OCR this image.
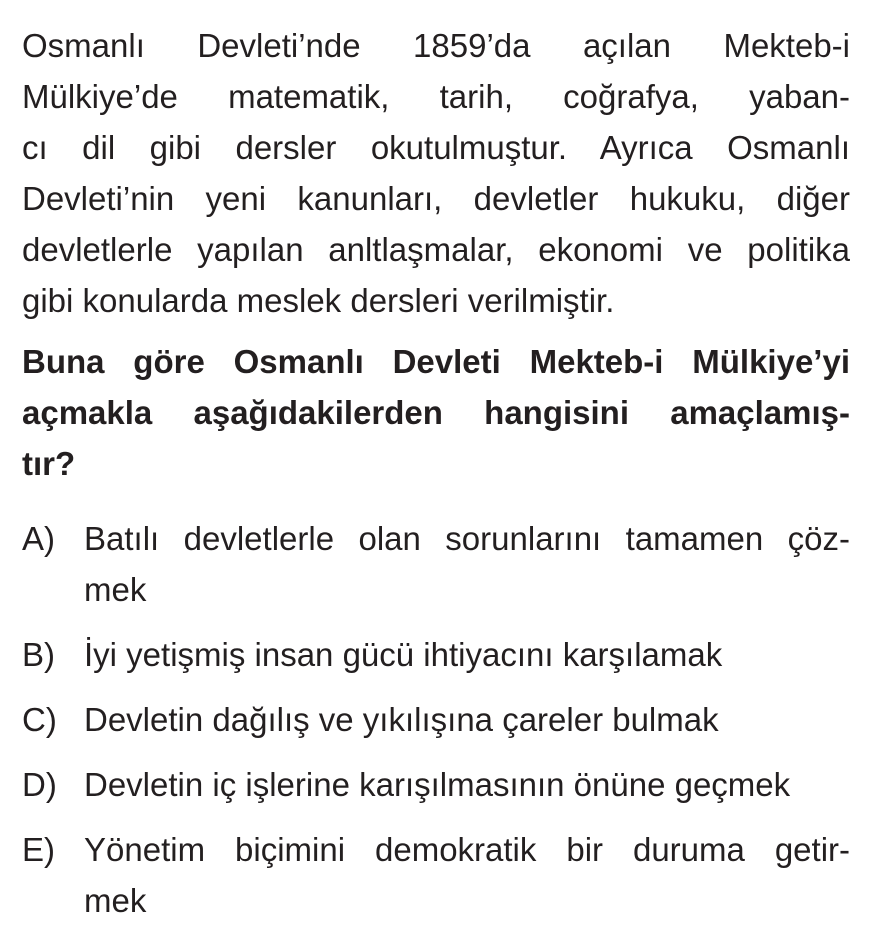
Osmanlı Devleti’nde 1859’da açılan Mekteb-i
Mülkiye’de matematik, tarih, coğrafya, yaban-
cı dil gibi dersler okutulmuştur. Ayrıca Osmanlı
Devleti’nin yeni kanunları, devletler hukuku, diğer
devletlerle yapılan anltlaşmalar, ekonomi ve politika
gibi konularda meslek dersleri verilmiştir.
Buna göre Osmanlı Devleti Mekteb-i Mülkiye’yi
açmakla aşağıdakilerden hangisini amaçlamış-
tır?
A) Batılı devletlerle olan sorunlarını tamamen çöz-
mek
B) İyi yetişmiş insan gücü ihtiyacını karşılamak
C) Devletin dağılış ve yıkılışına çareler bulmak
D) Devletin iç işlerine karışılmasının önüne geçmek
E) Yönetim biçimini demokratik bir duruma getir-
mek
